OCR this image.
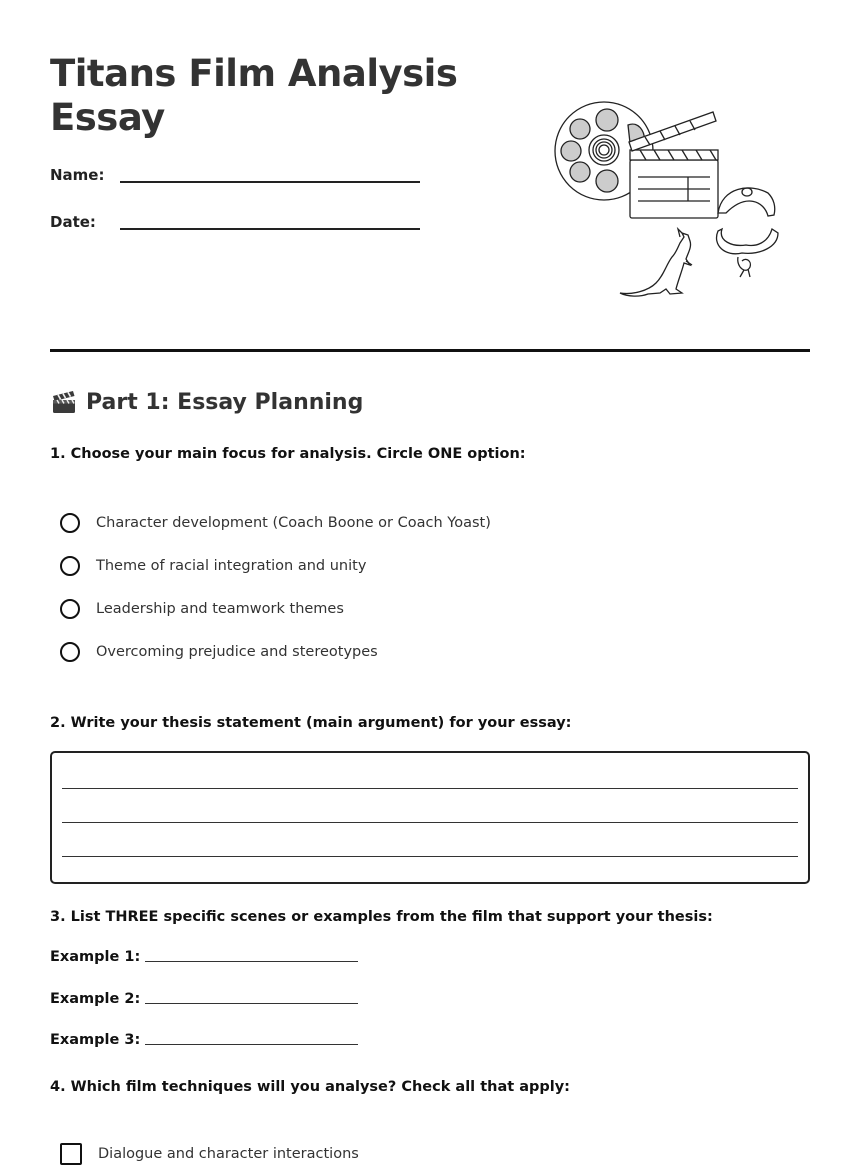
Titans Film Analysis Essay
Name:
Date:
Part 1: Essay Planning
1. Choose your main focus for analysis. Circle ONE option:
Character development (Coach Boone or Coach Yoast)
Theme of racial integration and unity
Leadership and teamwork themes
Overcoming prejudice and stereotypes
2. Write your thesis statement (main argument) for your essay:
3. List THREE specific scenes or examples from the film that support your thesis:
Example 1:
Example 2:
Example 3:
4. Which film techniques will you analyse? Check all that apply:
Dialogue and character interactions
